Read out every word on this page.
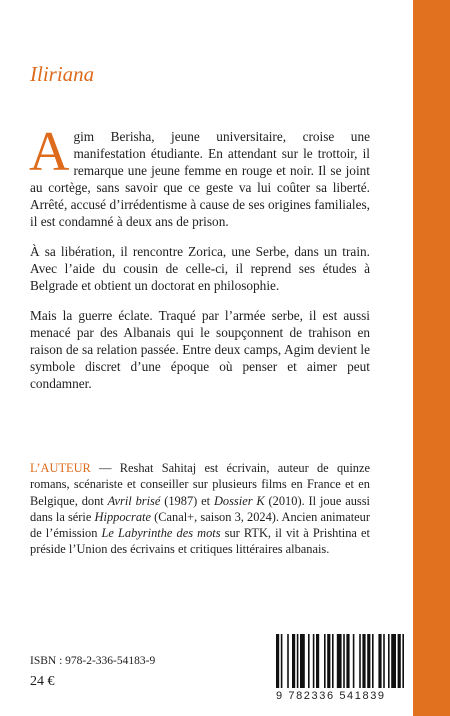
Iliriana

Agim Berisha, jeune universitaire, croise une manifestation étudiante. En attendant sur le trottoir, il remarque une jeune femme en rouge et noir. Il se joint au cortège, sans savoir que ce geste va lui coûter sa liberté. Arrêté, accusé d’irrédentisme à cause de ses origines familiales, il est condamné à deux ans de prison.

À sa libération, il rencontre Zorica, une Serbe, dans un train. Avec l’aide du cousin de celle-ci, il reprend ses études à Belgrade et obtient un doctorat en philosophie.

Mais la guerre éclate. Traqué par l’armée serbe, il est aussi menacé par des Albanais qui le soupçonnent de trahison en raison de sa relation passée. Entre deux camps, Agim devient le symbole discret d’une époque où penser et aimer peut condamner.

L’AUTEUR — Reshat Sahitaj est écrivain, auteur de quinze romans, scénariste et conseiller sur plusieurs films en France et en Belgique, dont Avril brisé (1987) et Dossier K (2010). Il joue aussi dans la série Hippocrate (Canal+, saison 3, 2024). Ancien animateur de l’émission Le Labyrinthe des mots sur RTK, il vit à Prishtina et préside l’Union des écrivains et critiques littéraires albanais.

ISBN : 978-2-336-54183-9

24 €

9 782336 541839
